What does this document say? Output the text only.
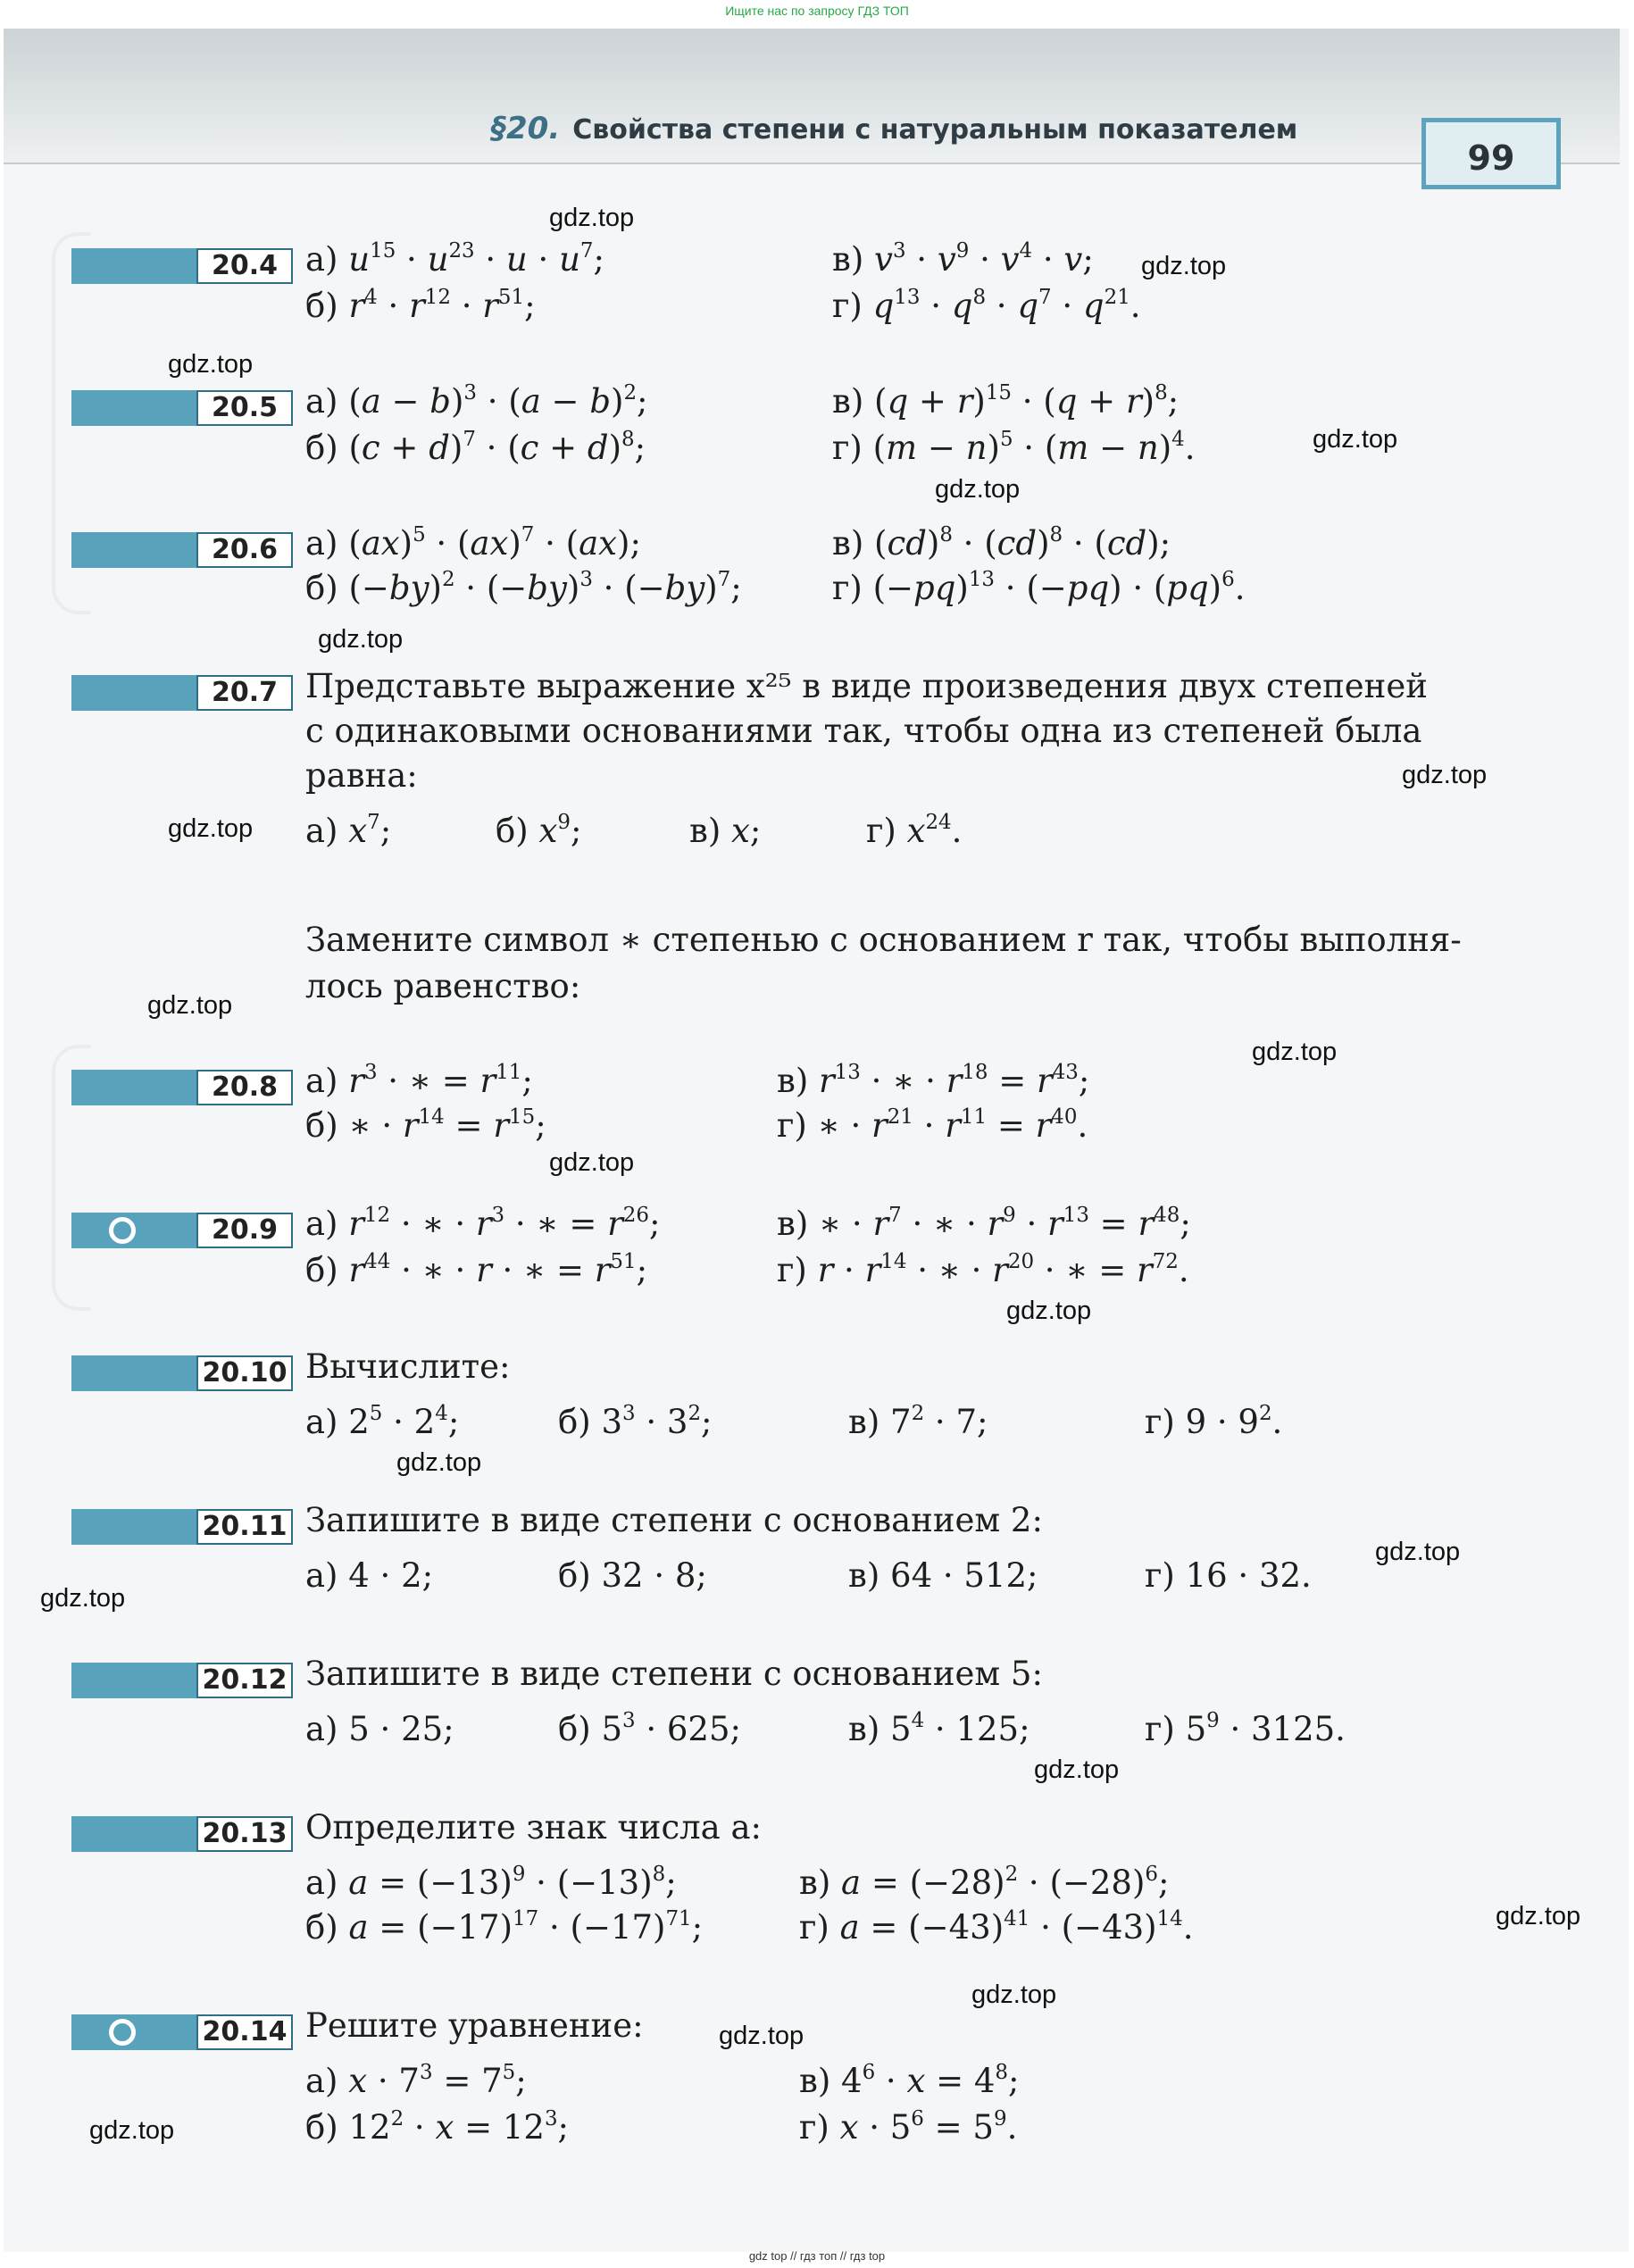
Ищите нас по запросу ГДЗ ТОП
§20. Свойства степени с натуральным показателем
99
20.4 а) $u^{15} \cdot u^{23} \cdot u \cdot u^7$;	в) $v^3 \cdot v^9 \cdot v^4 \cdot v$;
б) $r^4 \cdot r^{12} \cdot r^{51}$;	г) $q^{13} \cdot q^8 \cdot q^7 \cdot q^{21}$.
20.5 а) $(a - b)^3 \cdot (a - b)^2$;	в) $(q + r)^{15} \cdot (q + r)^8$;
б) $(c + d)^7 \cdot (c + d)^8$;	г) $(m - n)^5 \cdot (m - n)^4$.
20.6 а) (ax)$^5$ · (ax)$^7$ · (ax);	в) (cd)$^8$ · (cd)$^8$ · (cd);
б) $(-by)^2 \cdot (-by)^3 \cdot (-by)^7$;	г) $(-pq)^{13} \cdot (-pq) \cdot (pq)^6$.
20.7 Представьте выражение x²⁵ в виде произведения двух степеней
с одинаковыми основаниями так, чтобы одна из степеней была
равна:
а) $x^7$;	б) $x^9$;	в) x;	г) $x^{24}$.
Замените символ ∗ степенью с основанием r так, чтобы выполня-
лось равенство:
20.8 а) $r^3$ · ∗ = $r^{11}$;	в) $r^{13}$ · ∗ · $r^{18} = r^{43}$;
б) ∗ · $r^{14} = r^{15}$;	г) ∗ · $r^{21} \cdot r^{11} = r^{40}$.
20.9 а) $r^{12}$ · ∗ · $r^3$ · ∗ = $r^{26}$;	в) ∗ · $r^7$ · ∗ · $r^9 \cdot r^{13} = r^{48}$;
б) $r^{44}$ · ∗ · r · ∗ = $r^{51}$;	г) $r \cdot r^{14}$ · ∗ · $r^{20}$ · ∗ = $r^{72}$.
20.10 Вычислите:
а) $2^5 \cdot 2^4$;	б) $3^3 \cdot 3^2$;	в) $7^2 \cdot 7$;	г) $9 \cdot 9^2$.
20.11 Запишите в виде степени с основанием 2:
а) 4 · 2;	б) 32 · 8;	в) 64 · 512;	г) 16 · 32.
20.12 Запишите в виде степени с основанием 5:
а) 5 · 25;	б) $5^3 \cdot 625$;	в) $5^4 \cdot 125$;	г) $5^9 \cdot 3125$.
20.13 Определите знак числа a:
а) $a = (-13)^9 \cdot (-13)^8$;	в) $a = (-28)^2 \cdot (-28)^6$;
б) $a = (-17)^{17} \cdot (-17)^{71}$;	г) $a = (-43)^{41} \cdot (-43)^{14}$.
20.14 Решите уравнение:
а) $x \cdot 7^3 = 7^5$;	в) $4^6 \cdot x = 4^8$;
б) $12^2 \cdot x = 12^3$;	г) $x \cdot 5^6 = 5^9$.
gdz.top
gdz.top
gdz.top
gdz.top
gdz.top
gdz.top
gdz.top
gdz.top
gdz.top
gdz.top
gdz.top
gdz.top
gdz.top
gdz.top
gdz.top
gdz.top
gdz.top
gdz.top
gdz.top
gdz.top
gdz top // гдз топ // гдз top
